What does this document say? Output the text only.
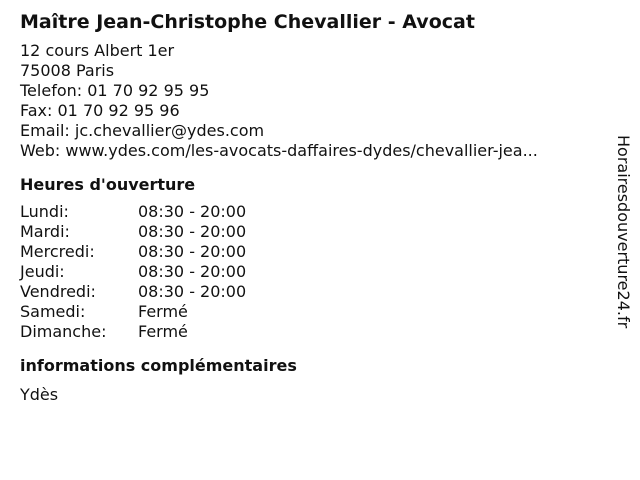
Maître Jean-Christophe Chevallier - Avocat
12 cours Albert 1er
75008 Paris
Telefon: 01 70 92 95 95
Fax: 01 70 92 95 96
Email: jc.chevallier@ydes.com
Web: www.ydes.com/les-avocats-daffaires-dydes/chevallier-jea...
Heures d'ouverture
Lundi:	08:30 - 20:00
Mardi:	08:30 - 20:00
Mercredi:	08:30 - 20:00
Jeudi:	08:30 - 20:00
Vendredi:	08:30 - 20:00
Samedi:	Fermé
Dimanche:	Fermé
informations complémentaires
Ydès
Horairesdouverture24.fr
